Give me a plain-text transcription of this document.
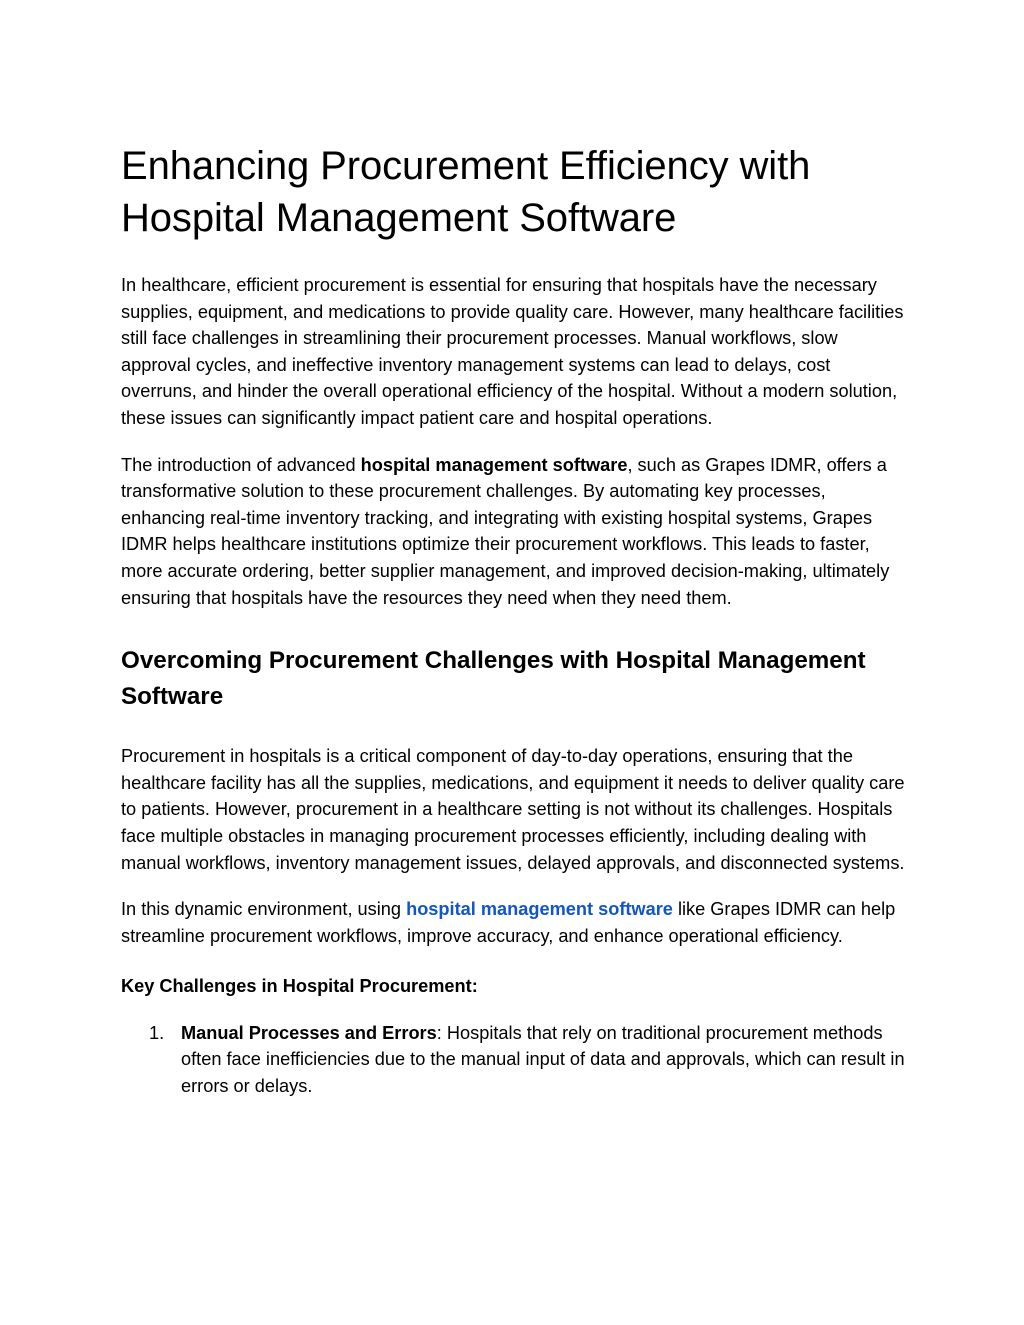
Enhancing Procurement Efficiency with Hospital Management Software

In healthcare, efficient procurement is essential for ensuring that hospitals have the necessary supplies, equipment, and medications to provide quality care. However, many healthcare facilities still face challenges in streamlining their procurement processes. Manual workflows, slow approval cycles, and ineffective inventory management systems can lead to delays, cost overruns, and hinder the overall operational efficiency of the hospital. Without a modern solution, these issues can significantly impact patient care and hospital operations.

The introduction of advanced hospital management software, such as Grapes IDMR, offers a transformative solution to these procurement challenges. By automating key processes, enhancing real-time inventory tracking, and integrating with existing hospital systems, Grapes IDMR helps healthcare institutions optimize their procurement workflows. This leads to faster, more accurate ordering, better supplier management, and improved decision-making, ultimately ensuring that hospitals have the resources they need when they need them.

Overcoming Procurement Challenges with Hospital Management Software

Procurement in hospitals is a critical component of day-to-day operations, ensuring that the healthcare facility has all the supplies, medications, and equipment it needs to deliver quality care to patients. However, procurement in a healthcare setting is not without its challenges. Hospitals face multiple obstacles in managing procurement processes efficiently, including dealing with manual workflows, inventory management issues, delayed approvals, and disconnected systems.

In this dynamic environment, using hospital management software like Grapes IDMR can help streamline procurement workflows, improve accuracy, and enhance operational efficiency.

Key Challenges in Hospital Procurement:
1. Manual Processes and Errors: Hospitals that rely on traditional procurement methods often face inefficiencies due to the manual input of data and approvals, which can result in errors or delays.
